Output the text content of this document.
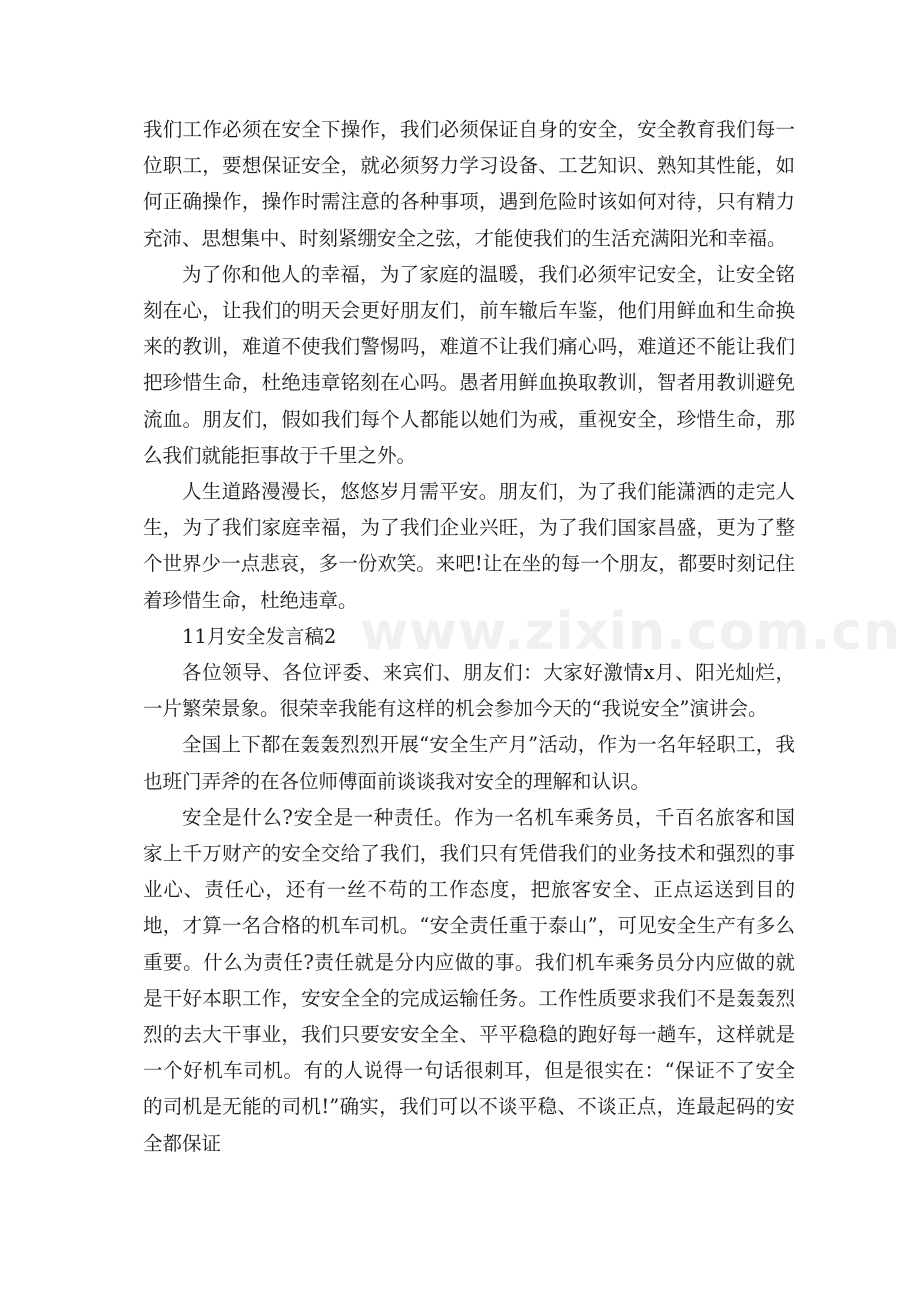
我们工作必须在安全下操作，我们必须保证自身的安全，安全教育我们每一位职工，要想保证安全，就必须努力学习设备、工艺知识、熟知其性能，如何正确操作，操作时需注意的各种事项，遇到危险时该如何对待，只有精力充沛、思想集中、时刻紧绷安全之弦，才能使我们的生活充满阳光和幸福。

为了你和他人的幸福，为了家庭的温暖，我们必须牢记安全，让安全铭刻在心，让我们的明天会更好朋友们，前车辙后车鉴，他们用鲜血和生命换来的教训，难道不使我们警惕吗，难道不让我们痛心吗，难道还不能让我们把珍惜生命，杜绝违章铭刻在心吗。愚者用鲜血换取教训，智者用教训避免流血。朋友们，假如我们每个人都能以她们为戒，重视安全，珍惜生命，那么我们就能拒事故于千里之外。

人生道路漫漫长，悠悠岁月需平安。朋友们，为了我们能潇洒的走完人生，为了我们家庭幸福，为了我们企业兴旺，为了我们国家昌盛，更为了整个世界少一点悲哀，多一份欢笑。来吧!让在坐的每一个朋友，都要时刻记住着珍惜生命，杜绝违章。

11月安全发言稿2

各位领导、各位评委、来宾们、朋友们：大家好激情x月、阳光灿烂，一片繁荣景象。很荣幸我能有这样的机会参加今天的“我说安全”演讲会。

全国上下都在轰轰烈烈开展“安全生产月”活动，作为一名年轻职工，我也班门弄斧的在各位师傅面前谈谈我对安全的理解和认识。

安全是什么?安全是一种责任。作为一名机车乘务员，千百名旅客和国家上千万财产的安全交给了我们，我们只有凭借我们的业务技术和强烈的事业心、责任心，还有一丝不苟的工作态度，把旅客安全、正点运送到目的地，才算一名合格的机车司机。“安全责任重于泰山”，可见安全生产有多么重要。什么为责任?责任就是分内应做的事。我们机车乘务员分内应做的就是干好本职工作，安安全全的完成运输任务。工作性质要求我们不是轰轰烈烈的去大干事业，我们只要安安全全、平平稳稳的跑好每一趟车，这样就是一个好机车司机。有的人说得一句话很刺耳，但是很实在：“保证不了安全的司机是无能的司机!”确实，我们可以不谈平稳、不谈正点，连最起码的安全都保证

www.zixin.com.cn
